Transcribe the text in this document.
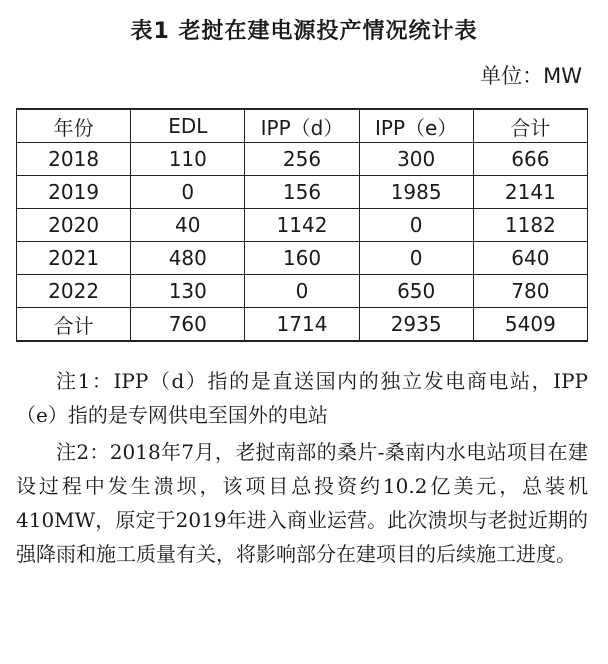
表1 老挝在建电源投产情况统计表
单位：MW
年份	EDL	IPP（d）	IPP（e）	合计
2018	110	256	300	666
2019	0	156	1985	2141
2020	40	1142	0	1182
2021	480	160	0	640
2022	130	0	650	780
合计	760	1714	2935	5409

注1：IPP（d）指的是直送国内的独立发电商电站，IPP（e）指的是专网供电至国外的电站

注2：2018年7月，老挝南部的桑片-桑南内水电站项目在建设过程中发生溃坝，该项目总投资约10.2亿美元，总装机410MW，原定于2019年进入商业运营。此次溃坝与老挝近期的强降雨和施工质量有关，将影响部分在建项目的后续施工进度。
